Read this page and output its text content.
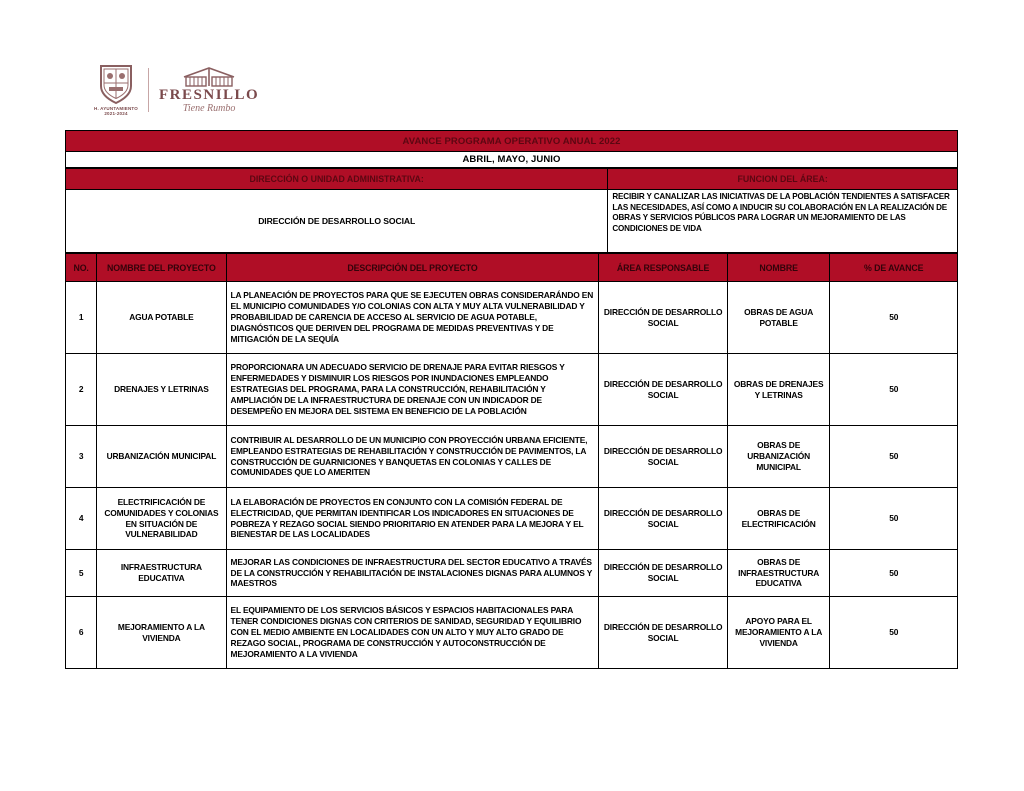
H. AYUNTAMIENTO
2021-2024
FRESNILLO
Tiene Rumbo
AVANCE PROGRAMA OPERATIVO ANUAL 2022
ABRIL, MAYO, JUNIO
DIRECCIÓN O UNIDAD ADMINISTRATIVA:	FUNCION DEL ÁREA:
DIRECCIÓN DE DESARROLLO SOCIAL	RECIBIR Y CANALIZAR LAS INICIATIVAS DE LA POBLACIÓN TENDIENTES A SATISFACER LAS NECESIDADES, ASÍ COMO A INDUCIR SU COLABORACIÓN EN LA REALIZACIÓN DE OBRAS Y SERVICIOS PÚBLICOS PARA LOGRAR UN MEJORAMIENTO DE LAS CONDICIONES DE VIDA
NO.	NOMBRE DEL PROYECTO	DESCRIPCIÓN DEL PROYECTO	ÁREA RESPONSABLE	NOMBRE	% DE AVANCE
1	AGUA POTABLE	LA PLANEACIÓN DE PROYECTOS PARA QUE SE EJECUTEN OBRAS CONSIDERARÁNDO EN EL MUNICIPIO COMUNIDADES Y/O COLONIAS CON ALTA Y MUY ALTA VULNERABILIDAD Y PROBABILIDAD DE CARENCIA DE ACCESO AL SERVICIO DE AGUA POTABLE, DIAGNÓSTICOS QUE DERIVEN DEL PROGRAMA DE MEDIDAS PREVENTIVAS Y DE MITIGACIÓN DE LA SEQUÍA	DIRECCIÓN DE DESARROLLO SOCIAL	OBRAS DE AGUA POTABLE	50
2	DRENAJES Y LETRINAS	PROPORCIONARA UN ADECUADO SERVICIO DE DRENAJE PARA EVITAR RIESGOS Y ENFERMEDADES Y DISMINUIR LOS RIESGOS POR INUNDACIONES EMPLEANDO ESTRATEGIAS DEL PROGRAMA, PARA LA CONSTRUCCIÓN, REHABILITACIÓN Y AMPLIACIÓN DE LA INFRAESTRUCTURA DE DRENAJE CON UN INDICADOR DE DESEMPEÑO EN MEJORA DEL SISTEMA EN BENEFICIO DE LA POBLACIÓN	DIRECCIÓN DE DESARROLLO SOCIAL	OBRAS DE DRENAJES Y LETRINAS	50
3	URBANIZACIÓN MUNICIPAL	CONTRIBUIR AL DESARROLLO DE UN MUNICIPIO CON PROYECCIÓN URBANA EFICIENTE, EMPLEANDO ESTRATEGIAS DE REHABILITACIÓN Y CONSTRUCCIÓN DE PAVIMENTOS, LA CONSTRUCCIÓN DE GUARNICIONES Y BANQUETAS EN COLONIAS Y CALLES DE COMUNIDADES QUE LO AMERITEN	DIRECCIÓN DE DESARROLLO SOCIAL	OBRAS DE URBANIZACIÓN MUNICIPAL	50
4	ELECTRIFICACIÓN DE COMUNIDADES Y COLONIAS EN SITUACIÓN DE VULNERABILIDAD	LA ELABORACIÓN DE PROYECTOS EN CONJUNTO CON LA COMISIÓN FEDERAL DE ELECTRICIDAD, QUE PERMITAN IDENTIFICAR LOS INDICADORES EN SITUACIONES DE POBREZA Y REZAGO SOCIAL SIENDO PRIORITARIO EN ATENDER PARA LA MEJORA Y EL BIENESTAR DE LAS LOCALIDADES	DIRECCIÓN DE DESARROLLO SOCIAL	OBRAS DE ELECTRIFICACIÓN	50
5	INFRAESTRUCTURA EDUCATIVA	MEJORAR LAS CONDICIONES DE INFRAESTRUCTURA DEL SECTOR EDUCATIVO A TRAVÉS DE LA CONSTRUCCIÓN Y REHABILITACIÓN DE INSTALACIONES DIGNAS PARA ALUMNOS Y MAESTROS	DIRECCIÓN DE DESARROLLO SOCIAL	OBRAS DE INFRAESTRUCTURA EDUCATIVA	50
6	MEJORAMIENTO A LA VIVIENDA	EL EQUIPAMIENTO DE LOS SERVICIOS BÁSICOS Y ESPACIOS HABITACIONALES PARA TENER CONDICIONES DIGNAS CON CRITERIOS DE SANIDAD, SEGURIDAD Y EQUILIBRIO CON EL MEDIO AMBIENTE EN LOCALIDADES CON UN ALTO Y MUY ALTO GRADO DE REZAGO SOCIAL, PROGRAMA DE CONSTRUCCIÓN Y AUTOCONSTRUCCIÓN DE MEJORAMIENTO A LA VIVIENDA	DIRECCIÓN DE DESARROLLO SOCIAL	APOYO PARA EL MEJORAMIENTO A LA VIVIENDA	50
